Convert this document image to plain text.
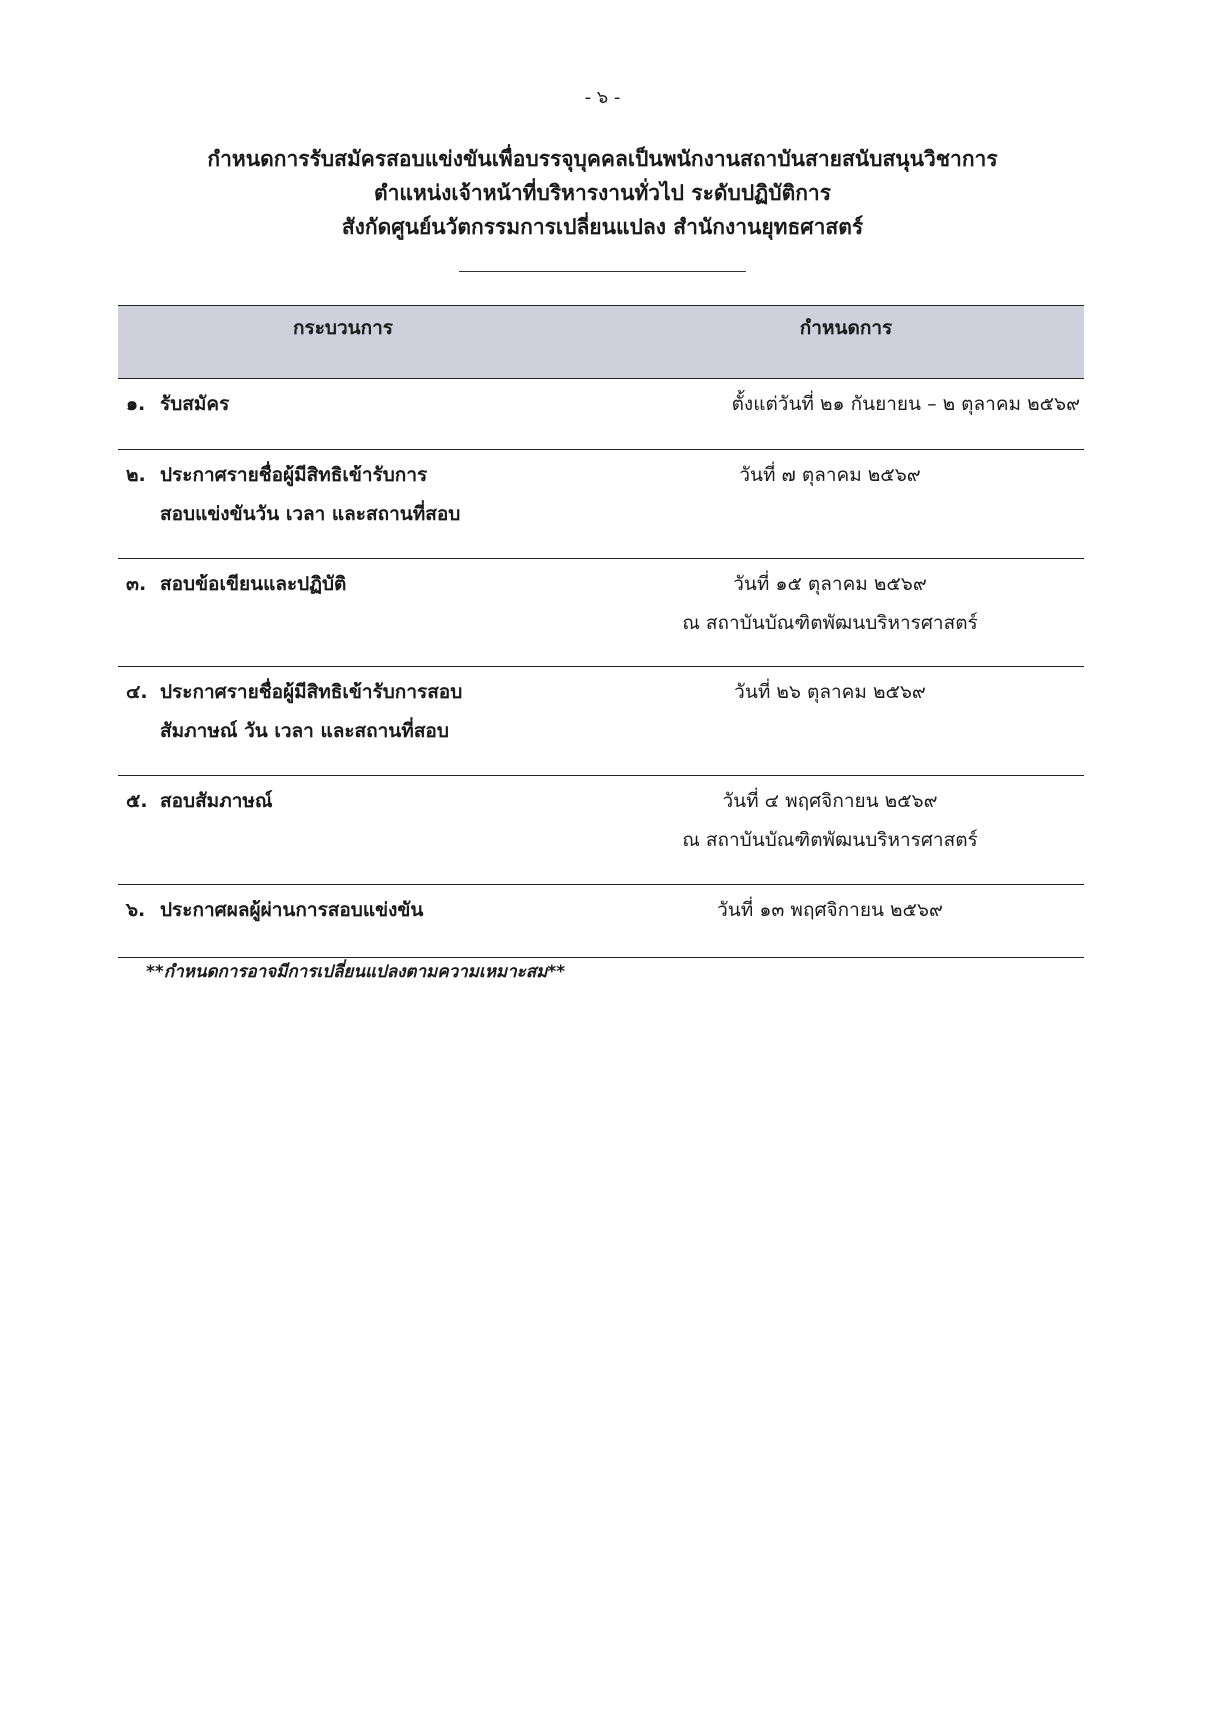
- ๖ -
กำหนดการรับสมัครสอบแข่งขันเพื่อบรรจุบุคคลเป็นพนักงานสถาบันสายสนับสนุนวิชาการ
ตำแหน่งเจ้าหน้าที่บริหารงานทั่วไป ระดับปฏิบัติการ
สังกัดศูนย์นวัตกรรมการเปลี่ยนแปลง สำนักงานยุทธศาสตร์
กระบวนการ	กำหนดการ
๑. รับสมัคร	ตั้งแต่วันที่ ๒๑ กันยายน – ๒ ตุลาคม ๒๕๖๙
๒. ประกาศรายชื่อผู้มีสิทธิเข้ารับการ
สอบแข่งขันวัน เวลา และสถานที่สอบ
วันที่ ๗ ตุลาคม ๒๕๖๙
๓. สอบข้อเขียนและปฏิบัติ	วันที่ ๑๕ ตุลาคม ๒๕๖๙
ณ สถาบันบัณฑิตพัฒนบริหารศาสตร์
๔. ประกาศรายชื่อผู้มีสิทธิเข้ารับการสอบ
สัมภาษณ์ วัน เวลา และสถานที่สอบ
วันที่ ๒๖ ตุลาคม ๒๕๖๙
๕. สอบสัมภาษณ์	วันที่ ๔ พฤศจิกายน ๒๕๖๙
ณ สถาบันบัณฑิตพัฒนบริหารศาสตร์
๖. ประกาศผลผู้ผ่านการสอบแข่งขัน	วันที่ ๑๓ พฤศจิกายน ๒๕๖๙
**กำหนดการอาจมีการเปลี่ยนแปลงตามความเหมาะสม**
